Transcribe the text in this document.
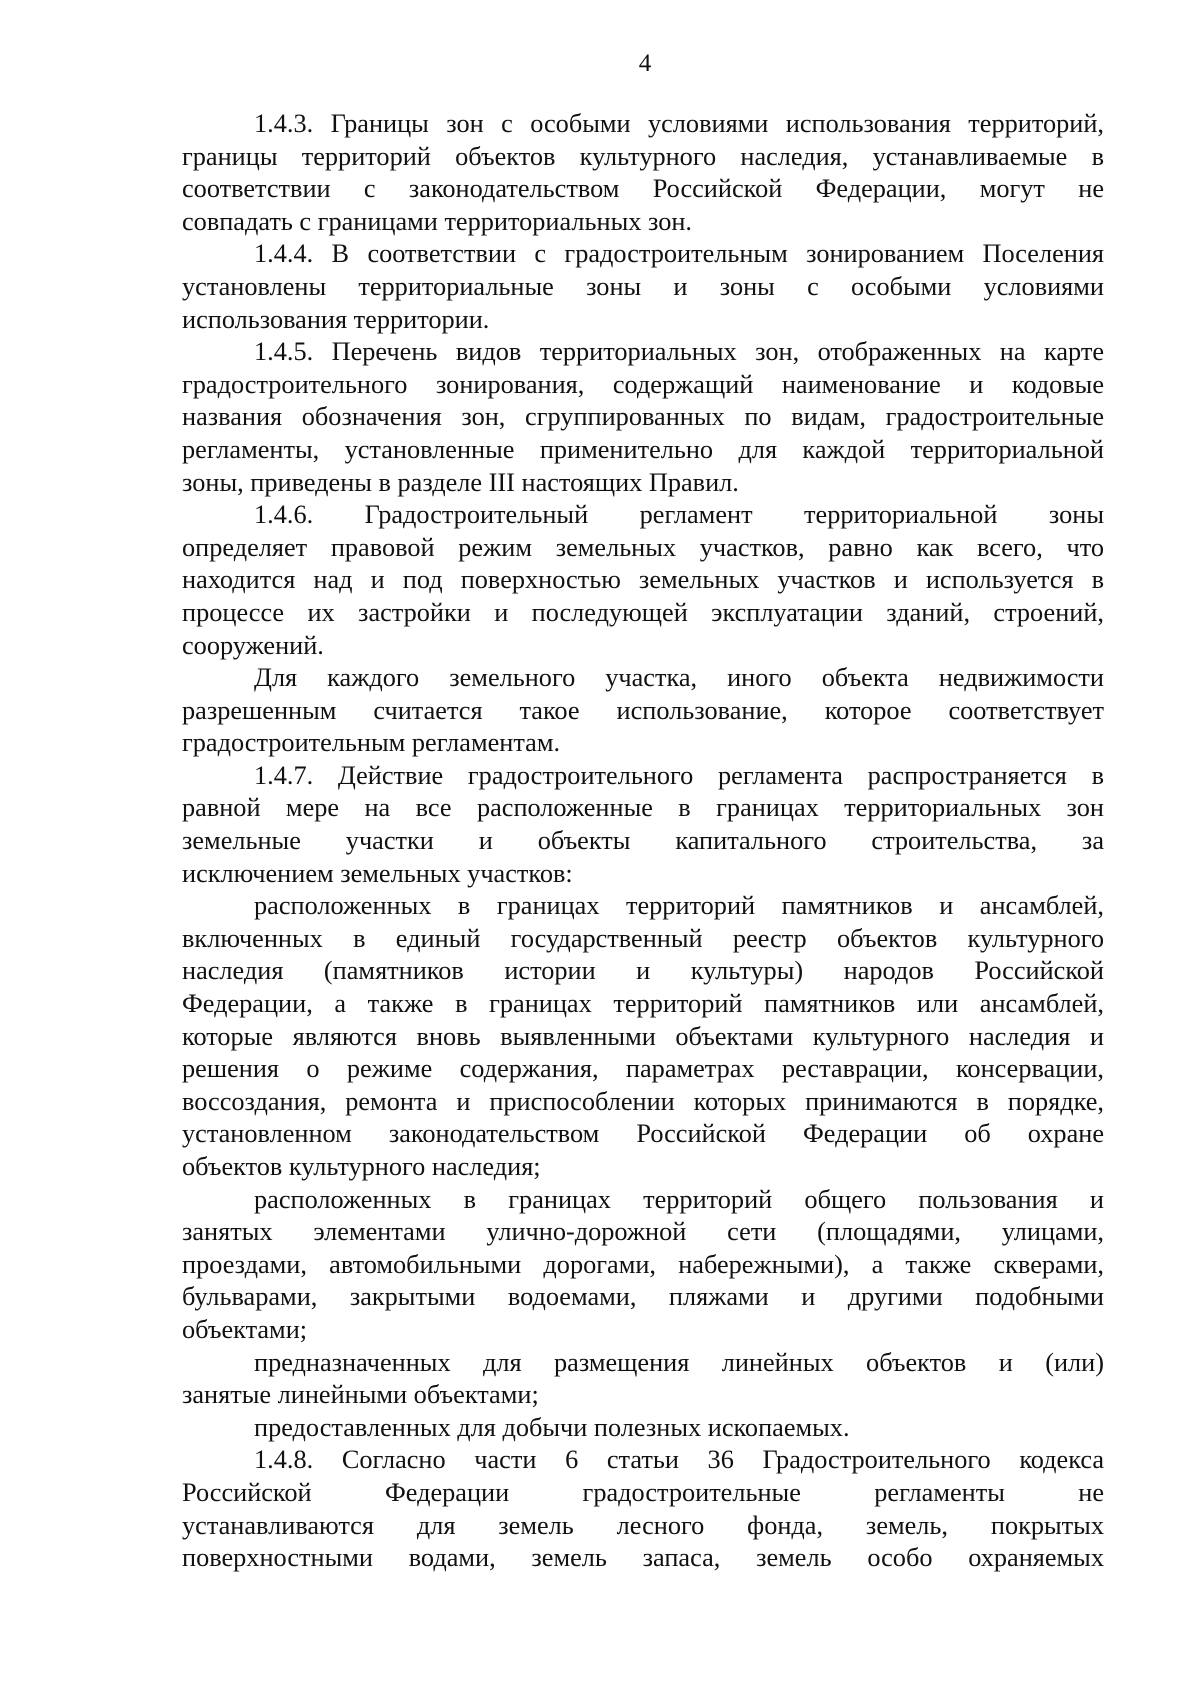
4

1.4.3. Границы зон с особыми условиями использования территорий,
границы территорий объектов культурного наследия, устанавливаемые в
соответствии с законодательством Российской Федерации, могут не
совпадать с границами территориальных зон.

1.4.4. В соответствии с градостроительным зонированием Поселения
установлены территориальные зоны и зоны с особыми условиями
использования территории.

1.4.5. Перечень видов территориальных зон, отображенных на карте
градостроительного зонирования, содержащий наименование и кодовые
названия обозначения зон, сгруппированных по видам, градостроительные
регламенты, установленные применительно для каждой территориальной
зоны, приведены в разделе III настоящих Правил.

1.4.6. Градостроительный регламент территориальной зоны
определяет правовой режим земельных участков, равно как всего, что
находится над и под поверхностью земельных участков и используется в
процессе их застройки и последующей эксплуатации зданий, строений,
сооружений.

Для каждого земельного участка, иного объекта недвижимости
разрешенным считается такое использование, которое соответствует
градостроительным регламентам.

1.4.7. Действие градостроительного регламента распространяется в
равной мере на все расположенные в границах территориальных зон
земельные участки и объекты капитального строительства, за
исключением земельных участков:

расположенных в границах территорий памятников и ансамблей,
включенных в единый государственный реестр объектов культурного
наследия (памятников истории и культуры) народов Российской
Федерации, а также в границах территорий памятников или ансамблей,
которые являются вновь выявленными объектами культурного наследия и
решения о режиме содержания, параметрах реставрации, консервации,
воссоздания, ремонта и приспособлении которых принимаются в порядке,
установленном законодательством Российской Федерации об охране
объектов культурного наследия;

расположенных в границах территорий общего пользования и
занятых элементами улично-дорожной сети (площадями, улицами,
проездами, автомобильными дорогами, набережными), а также скверами,
бульварами, закрытыми водоемами, пляжами и другими подобными
объектами;

предназначенных для размещения линейных объектов и (или)
занятые линейными объектами;

предоставленных для добычи полезных ископаемых.

1.4.8. Согласно части 6 статьи 36 Градостроительного кодекса
Российской Федерации градостроительные регламенты не
устанавливаются для земель лесного фонда, земель, покрытых
поверхностными водами, земель запаса, земель особо охраняемых
